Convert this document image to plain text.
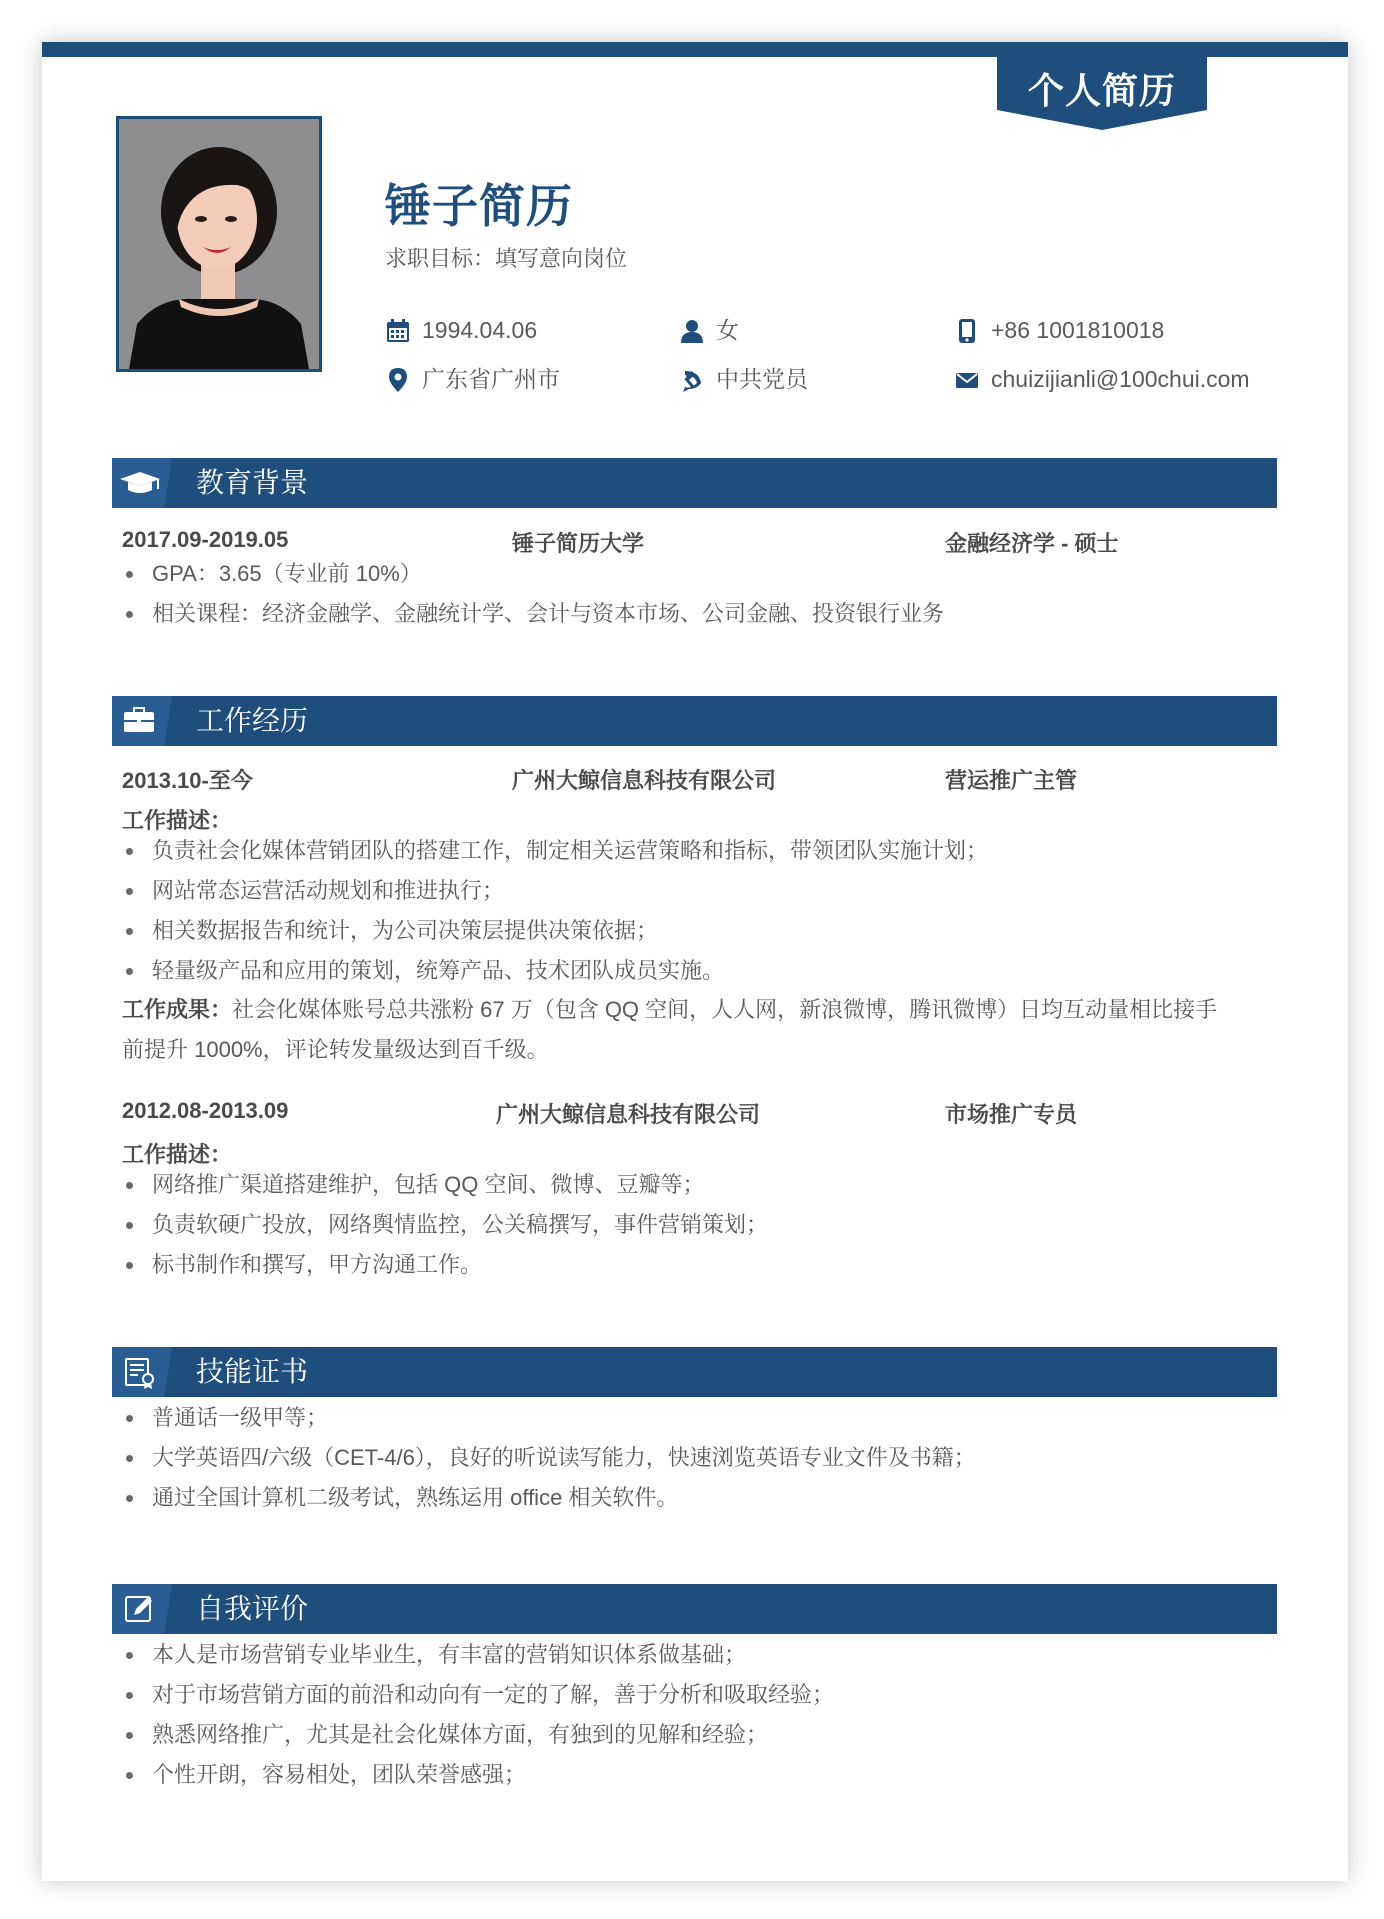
个人简历
锤子简历
求职目标：填写意向岗位
1994.04.06	女	+86 1001810018
广东省广州市	中共党员	chuizijianli@100chui.com
教育背景
2017.09-2019.05	锤子简历大学	金融经济学 - 硕士
GPA：3.65（专业前 10%）
相关课程：经济金融学、金融统计学、会计与资本市场、公司金融、投资银行业务
工作经历
2013.10-至今	广州大鲸信息科技有限公司	营运推广主管
工作描述：
负责社会化媒体营销团队的搭建工作，制定相关运营策略和指标，带领团队实施计划；
网站常态运营活动规划和推进执行；
相关数据报告和统计，为公司决策层提供决策依据；
轻量级产品和应用的策划，统筹产品、技术团队成员实施。
工作成果：社会化媒体账号总共涨粉 67 万（包含 QQ 空间，人人网，新浪微博，腾讯微博）日均互动量相比接手
前提升 1000%，评论转发量级达到百千级。
2012.08-2013.09	广州大鲸信息科技有限公司	市场推广专员
工作描述：
网络推广渠道搭建维护，包括 QQ 空间、微博、豆瓣等；
负责软硬广投放，网络舆情监控，公关稿撰写，事件营销策划；
标书制作和撰写，甲方沟通工作。
技能证书
普通话一级甲等；
大学英语四/六级（CET-4/6），良好的听说读写能力，快速浏览英语专业文件及书籍；
通过全国计算机二级考试，熟练运用 office 相关软件。
自我评价
本人是市场营销专业毕业生，有丰富的营销知识体系做基础；
对于市场营销方面的前沿和动向有一定的了解，善于分析和吸取经验；
熟悉网络推广，尤其是社会化媒体方面，有独到的见解和经验；
个性开朗，容易相处，团队荣誉感强；
